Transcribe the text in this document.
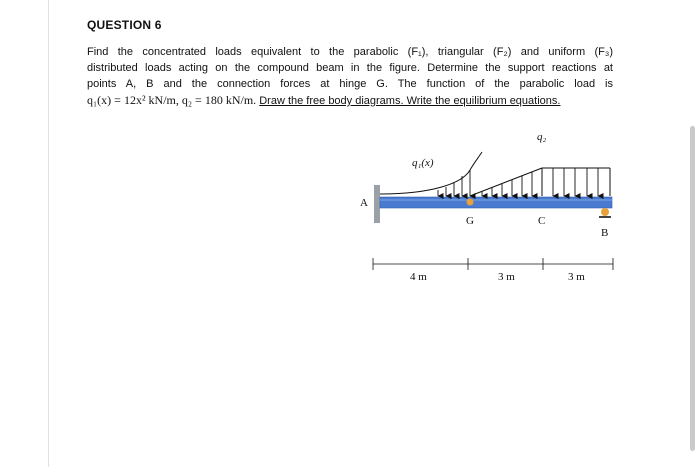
QUESTION 6
Find the concentrated loads equivalent to the parabolic (F₁), triangular (F₂) and uniform (F₃)
distributed loads acting on the compound beam in the figure. Determine the support reactions at
points A, B and the connection forces at hinge G. The function of the parabolic load is
q₁(x) = 12x² kN/m, q₂ = 180 kN/m. Draw the free body diagrams. Write the equilibrium equations.
q₁(x)
q₂
A
G	C
B
4 m	3 m	3 m
